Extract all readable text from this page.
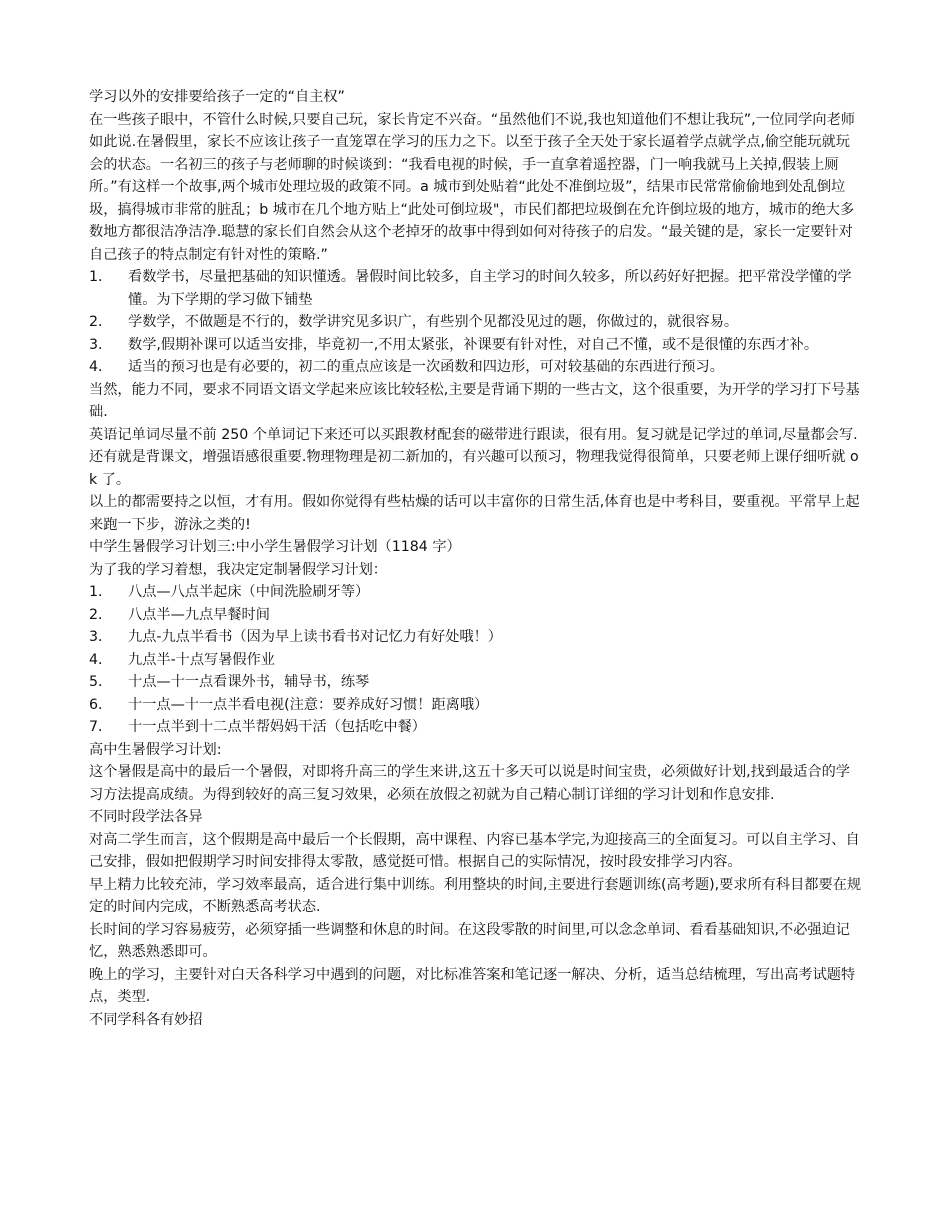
学习以外的安排要给孩子一定的“自主权”

在一些孩子眼中，不管什么时候,只要自己玩，家长肯定不兴奋。“虽然他们不说,我也知道他们不想让我玩”,一位同学向老师如此说.在暑假里，家长不应该让孩子一直笼罩在学习的压力之下。以至于孩子全天处于家长逼着学点就学点,偷空能玩就玩会的状态。一名初三的孩子与老师聊的时候谈到：“我看电视的时候，手一直拿着遥控器，门一响我就马上关掉,假装上厕所。”有这样一个故事,两个城市处理垃圾的政策不同。a 城市到处贴着“此处不准倒垃圾”，结果市民常常偷偷地到处乱倒垃圾，搞得城市非常的脏乱；b 城市在几个地方贴上“此处可倒垃圾"，市民们都把垃圾倒在允许倒垃圾的地方，城市的绝大多数地方都很洁净洁净.聪慧的家长们自然会从这个老掉牙的故事中得到如何对待孩子的启发。“最关键的是，家长一定要针对自己孩子的特点制定有针对性的策略.”

1．	看数学书，尽量把基础的知识懂透。暑假时间比较多，自主学习的时间久较多，所以药好好把握。把平常没学懂的学懂。为下学期的学习做下铺垫
2．	学数学，不做题是不行的，数学讲究见多识广，有些别个见都没见过的题，你做过的，就很容易。
3．	数学,假期补课可以适当安排，毕竟初一,不用太紧张，补课要有针对性，对自己不懂，或不是很懂的东西才补。
4．	适当的预习也是有必要的，初二的重点应该是一次函数和四边形，可对较基础的东西进行预习。

当然，能力不同，要求不同语文语文学起来应该比较轻松,主要是背诵下期的一些古文，这个很重要，为开学的学习打下号基础.

英语记单词尽量不前 250 个单词记下来还可以买跟教材配套的磁带进行跟读，很有用。复习就是记学过的单词,尽量都会写.还有就是背课文，增强语感很重要.物理物理是初二新加的，有兴趣可以预习，物理我觉得很简单，只要老师上课仔细听就 ok 了。

以上的都需要持之以恒，才有用。假如你觉得有些枯燥的话可以丰富你的日常生活,体育也是中考科目，要重视。平常早上起来跑一下步，游泳之类的!

中学生暑假学习计划三:中小学生暑假学习计划（1184 字）

为了我的学习着想，我决定定制暑假学习计划：

1．	八点—八点半起床（中间洗脸刷牙等）
2．	八点半—九点早餐时间
3．	九点-九点半看书（因为早上读书看书对记忆力有好处哦！）
4．	九点半-十点写暑假作业
5．	十点—十一点看课外书，辅导书，练琴
6．	十一点—十一点半看电视(注意：要养成好习惯！距离哦）
7．	十一点半到十二点半帮妈妈干活（包括吃中餐）

高中生暑假学习计划:

这个暑假是高中的最后一个暑假，对即将升高三的学生来讲,这五十多天可以说是时间宝贵，必须做好计划,找到最适合的学习方法提高成绩。为得到较好的高三复习效果，必须在放假之初就为自己精心制订详细的学习计划和作息安排.

不同时段学法各异

对高二学生而言，这个假期是高中最后一个长假期，高中课程、内容已基本学完,为迎接高三的全面复习。可以自主学习、自己安排，假如把假期学习时间安排得太零散，感觉挺可惜。根据自己的实际情况，按时段安排学习内容。

早上精力比较充沛，学习效率最高，适合进行集中训练。利用整块的时间,主要进行套题训练(高考题),要求所有科目都要在规定的时间内完成，不断熟悉高考状态.

长时间的学习容易疲劳，必须穿插一些调整和休息的时间。在这段零散的时间里,可以念念单词、看看基础知识,不必强迫记忆，熟悉熟悉即可。

晚上的学习，主要针对白天各科学习中遇到的问题，对比标准答案和笔记逐一解决、分析，适当总结梳理，写出高考试题特点，类型.

不同学科各有妙招
